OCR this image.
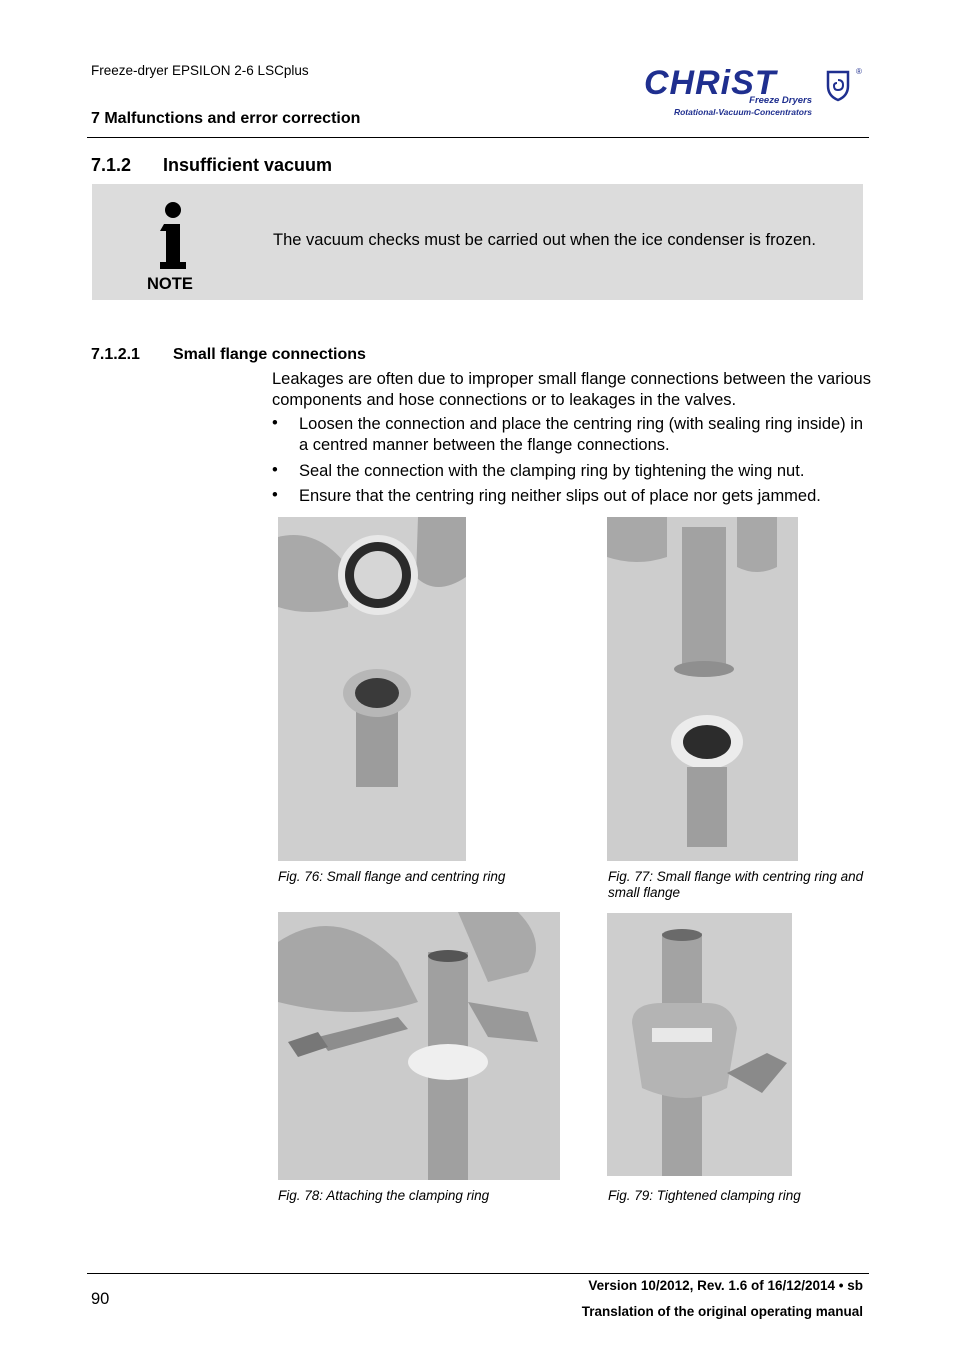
Freeze-dryer EPSILON 2-6 LSCplus
7 Malfunctions and error correction
CHRiST	®
Freeze Dryers
Rotational-Vacuum-Concentrators
7.1.2 Insufficient vacuum
NOTE
The vacuum checks must be carried out when the ice condenser is frozen.
7.1.2.1 Small flange connections
Leakages are often due to improper small flange connections between the various components and hose connections or to leakages in the valves.
• Loosen the connection and place the centring ring (with sealing ring inside) in a centred manner between the flange connections.
• Seal the connection with the clamping ring by tightening the wing nut.
• Ensure that the centring ring neither slips out of place nor gets jammed.
Fig. 76: Small flange and centring ring	Fig. 77: Small flange with centring ring and small flange
Fig. 78: Attaching the clamping ring	Fig. 79: Tightened clamping ring
90
Version 10/2012, Rev. 1.6 of 16/12/2014 • sb
Translation of the original operating manual
